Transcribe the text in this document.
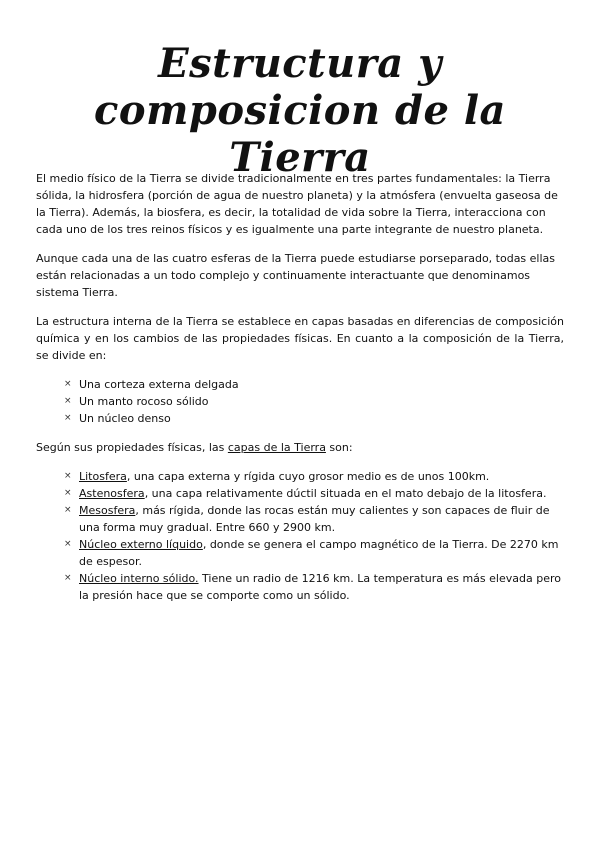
Estructura y composicion de la Tierra

El medio físico de la Tierra se divide tradicionalmente en tres partes fundamentales: la Tierra sólida, la hidrosfera (porción de agua de nuestro planeta) y la atmósfera (envuelta gaseosa de la Tierra). Además, la biosfera, es decir, la totalidad de vida sobre la Tierra, interacciona con cada uno de los tres reinos físicos y es igualmente una parte integrante de nuestro planeta.

Aunque cada una de las cuatro esferas de la Tierra puede estudiarse porseparado, todas ellas están relacionadas a un todo complejo y continuamente interactuante que denominamos sistema Tierra.

La estructura interna de la Tierra se establece en capas basadas en diferencias de composición química y en los cambios de las propiedades físicas. En cuanto a la composición de la Tierra, se divide en:

× Una corteza externa delgada
× Un manto rocoso sólido
× Un núcleo denso

Según sus propiedades físicas, las capas de la Tierra son:

× Litosfera, una capa externa y rígida cuyo grosor medio es de unos 100km.
× Astenosfera, una capa relativamente dúctil situada en el mato debajo de la litosfera.
× Mesosfera, más rígida, donde las rocas están muy calientes y son capaces de fluir de una forma muy gradual. Entre 660 y 2900 km.
× Núcleo externo líquido, donde se genera el campo magnético de la Tierra. De 2270 km de espesor.
× Núcleo interno sólido. Tiene un radio de 1216 km. La temperatura es más elevada pero la presión hace que se comporte como un sólido.
